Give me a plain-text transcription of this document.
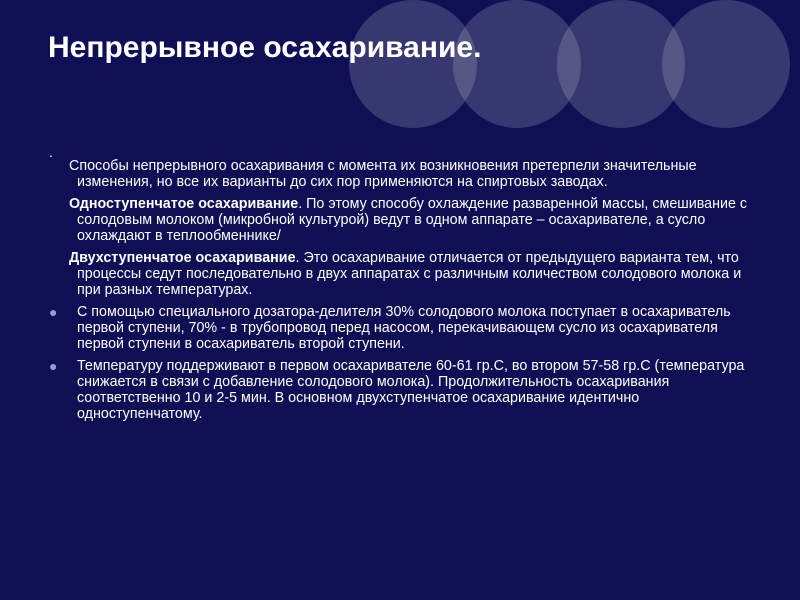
Непрерывное осахаривание.
.

Способы непрерывного осахаривания с момента их возникновения претерпели значительные изменения, но все их варианты до сих пор применяются на спиртовых заводах.

Одноступенчатое осахаривание. По этому способу охлаждение разваренной массы, смешивание с солодовым молоком (микробной культурой) ведут в одном аппарате – осахаривателе, а сусло охлаждают в теплообменнике/

Двухступенчатое осахаривание. Это осахаривание отличается от предыдущего варианта тем, что процессы седут последовательно в двух аппаратах с различным количеством солодового молока и при разных температурах.

● С помощью специального дозатора-делителя 30% солодового молока поступает в осахариватель первой ступени, 70% - в трубопровод перед насосом, перекачивающем сусло из осахаривателя первой ступени в осахариватель второй ступени.
● Температуру поддерживают в первом осахаривателе 60-61 гр.С, во втором 57-58 гр.С (температура снижается в связи с добавление солодового молока). Продолжительность осахаривания соответственно 10 и 2-5 мин. В основном двухступенчатое осахаривание идентично одноступенчатому.
